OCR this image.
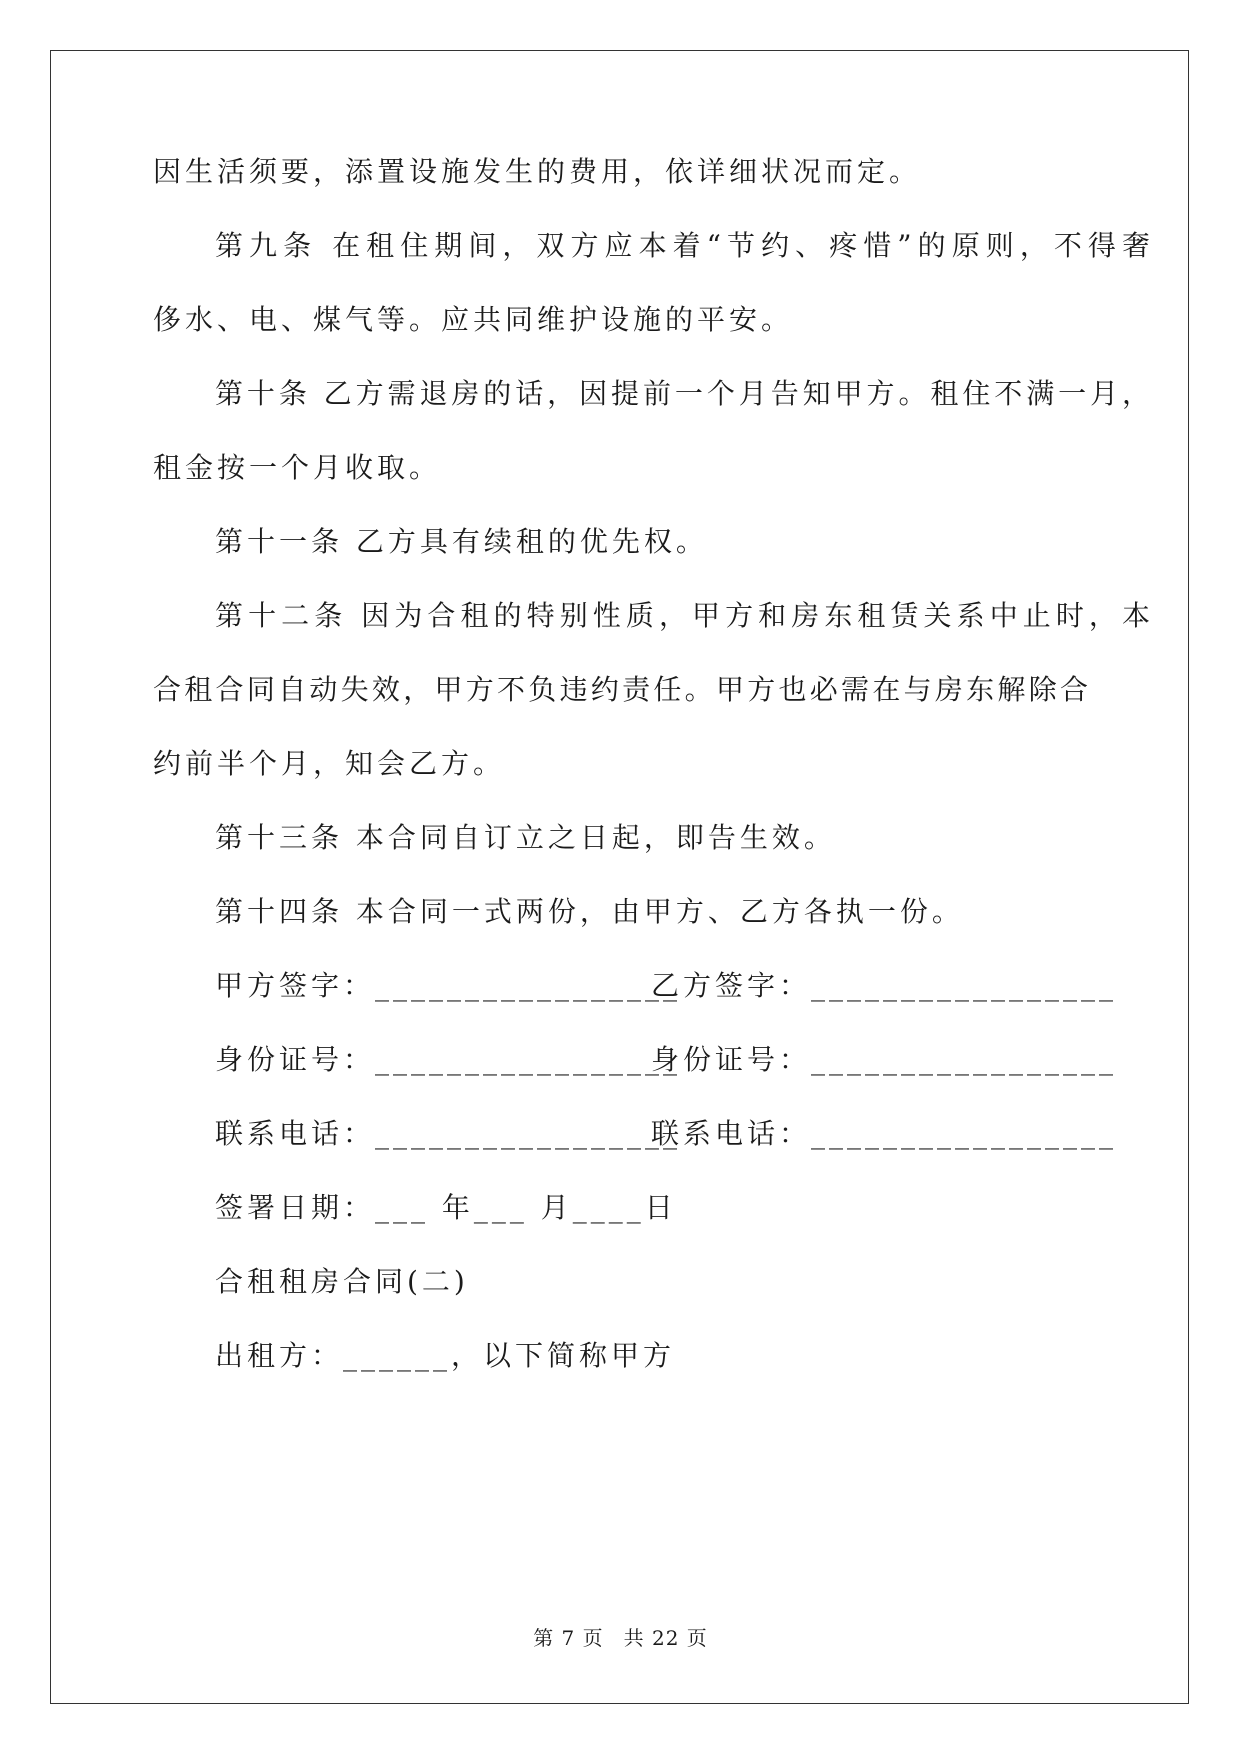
因生活须要，添置设施发生的费用，依详细状况而定。
第九条 在租住期间，双方应本着“节约、疼惜”的原则，不得奢
侈水、电、煤气等。应共同维护设施的平安。
第十条 乙方需退房的话，因提前一个月告知甲方。租住不满一月，
租金按一个月收取。
第十一条 乙方具有续租的优先权。
第十二条 因为合租的特别性质，甲方和房东租赁关系中止时，本
合租合同自动失效，甲方不负违约责任。甲方也必需在与房东解除合
约前半个月，知会乙方。
第十三条 本合同自订立之日起，即告生效。
第十四条 本合同一式两份，由甲方、乙方各执一份。
甲方签字：_________________
乙方签字：_________________
身份证号：_________________
身份证号：_________________
联系电话：_________________
联系电话：_________________
签署日期：___ 年___ 月____日
合租租房合同(二)
出租方：______，以下简称甲方
第 7 页 共 22 页
